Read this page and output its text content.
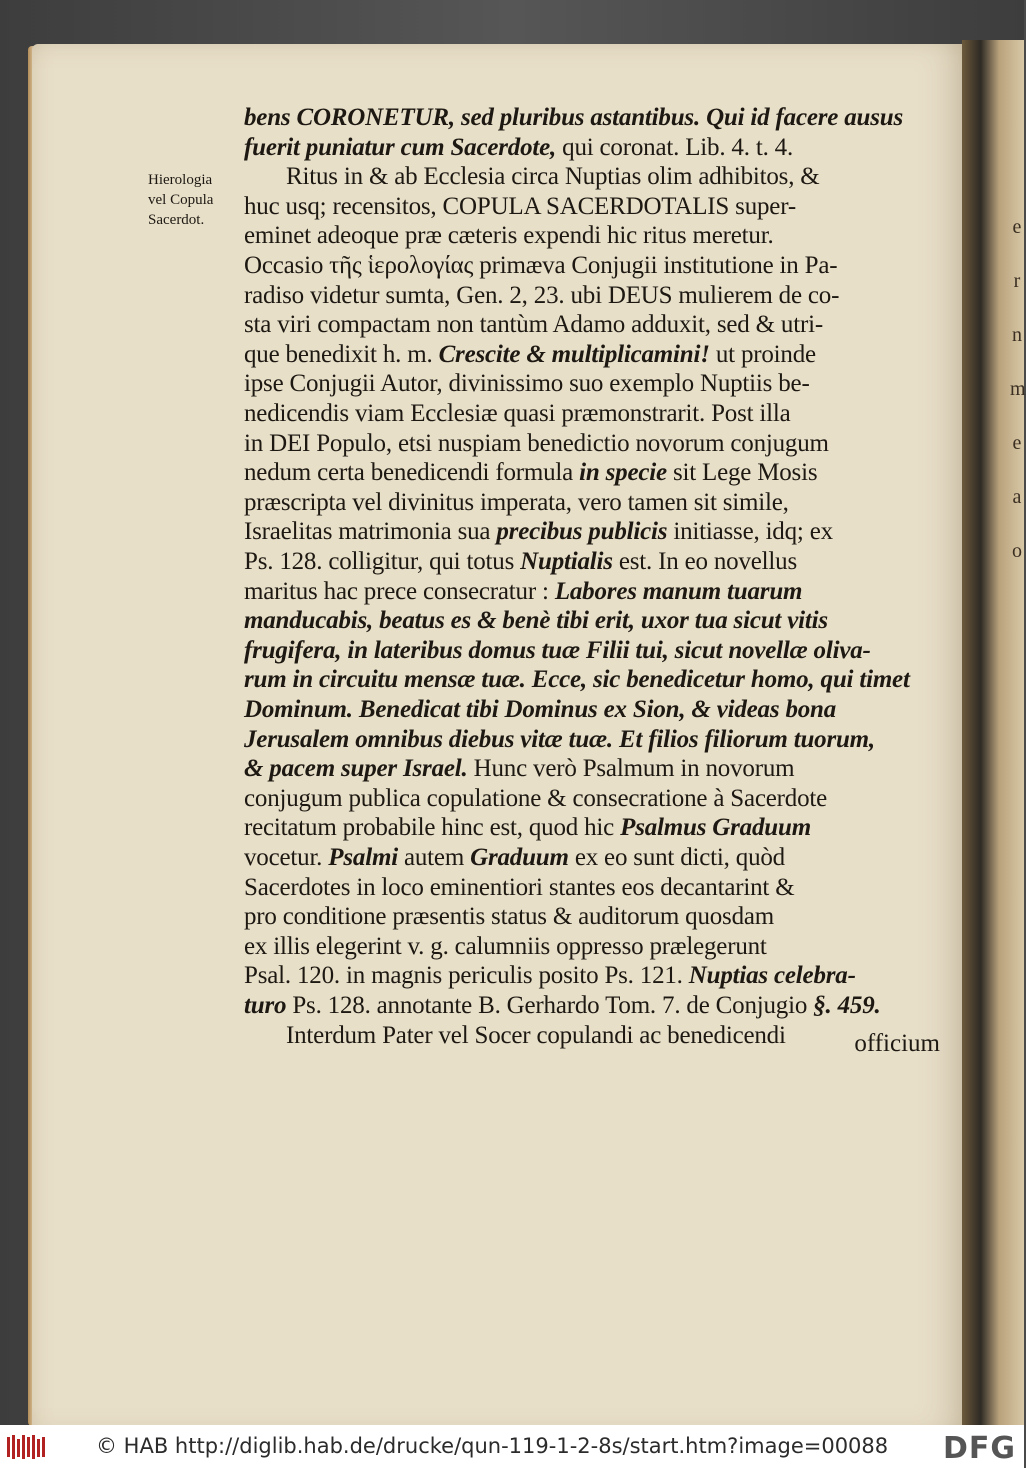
e
r
n
m
e
a
o
Hierologia
vel Copula
Sacerdot.
bens CORONETUR, sed pluribus astantibus. Qui id facere ausus
fuerit puniatur cum Sacerdote, qui coronat. Lib. 4. t. 4.
Ritus in & ab Ecclesia circa Nuptias olim adhibitos, &
huc usq; recensitos, COPULA SACERDOTALIS super-
eminet adeoque præ cæteris expendi hic ritus meretur.
Occasio τῆς ἱερολογίας primæva Conjugii institutione in Pa-
radiso videtur sumta, Gen. 2, 23. ubi DEUS mulierem de co-
sta viri compactam non tantùm Adamo adduxit, sed & utri-
que benedixit h. m. Crescite & multiplicamini! ut proinde
ipse Conjugii Autor, divinissimo suo exemplo Nuptiis be-
nedicendis viam Ecclesiæ quasi præmonstrarit. Post illa
in DEI Populo, etsi nuspiam benedictio novorum conjugum
nedum certa benedicendi formula in specie sit Lege Mosis
præscripta vel divinitus imperata, vero tamen sit simile,
Israelitas matrimonia sua precibus publicis initiasse, idq; ex
Ps. 128. colligitur, qui totus Nuptialis est. In eo novellus
maritus hac prece consecratur : Labores manum tuarum
manducabis, beatus es & benè tibi erit, uxor tua sicut vitis
frugifera, in lateribus domus tuæ Filii tui, sicut novellæ oliva-
rum in circuitu mensæ tuæ. Ecce, sic benedicetur homo, qui timet
Dominum. Benedicat tibi Dominus ex Sion, & videas bona
Jerusalem omnibus diebus vitæ tuæ. Et filios filiorum tuorum,
& pacem super Israel. Hunc verò Psalmum in novorum
conjugum publica copulatione & consecratione à Sacerdote
recitatum probabile hinc est, quod hic Psalmus Graduum
vocetur. Psalmi autem Graduum ex eo sunt dicti, quòd
Sacerdotes in loco eminentiori stantes eos decantarint &
pro conditione præsentis status & auditorum quosdam
ex illis elegerint v. g. calumniis oppresso prælegerunt
Psal. 120. in magnis periculis posito Ps. 121. Nuptias celebra-
turo Ps. 128. annotante B. Gerhardo Tom. 7. de Conjugio §. 459.
Interdum Pater vel Socer copulandi ac benedicendi	officium
© HAB http://diglib.hab.de/drucke/qun-119-1-2-8s/start.htm?image=00088 DFG
